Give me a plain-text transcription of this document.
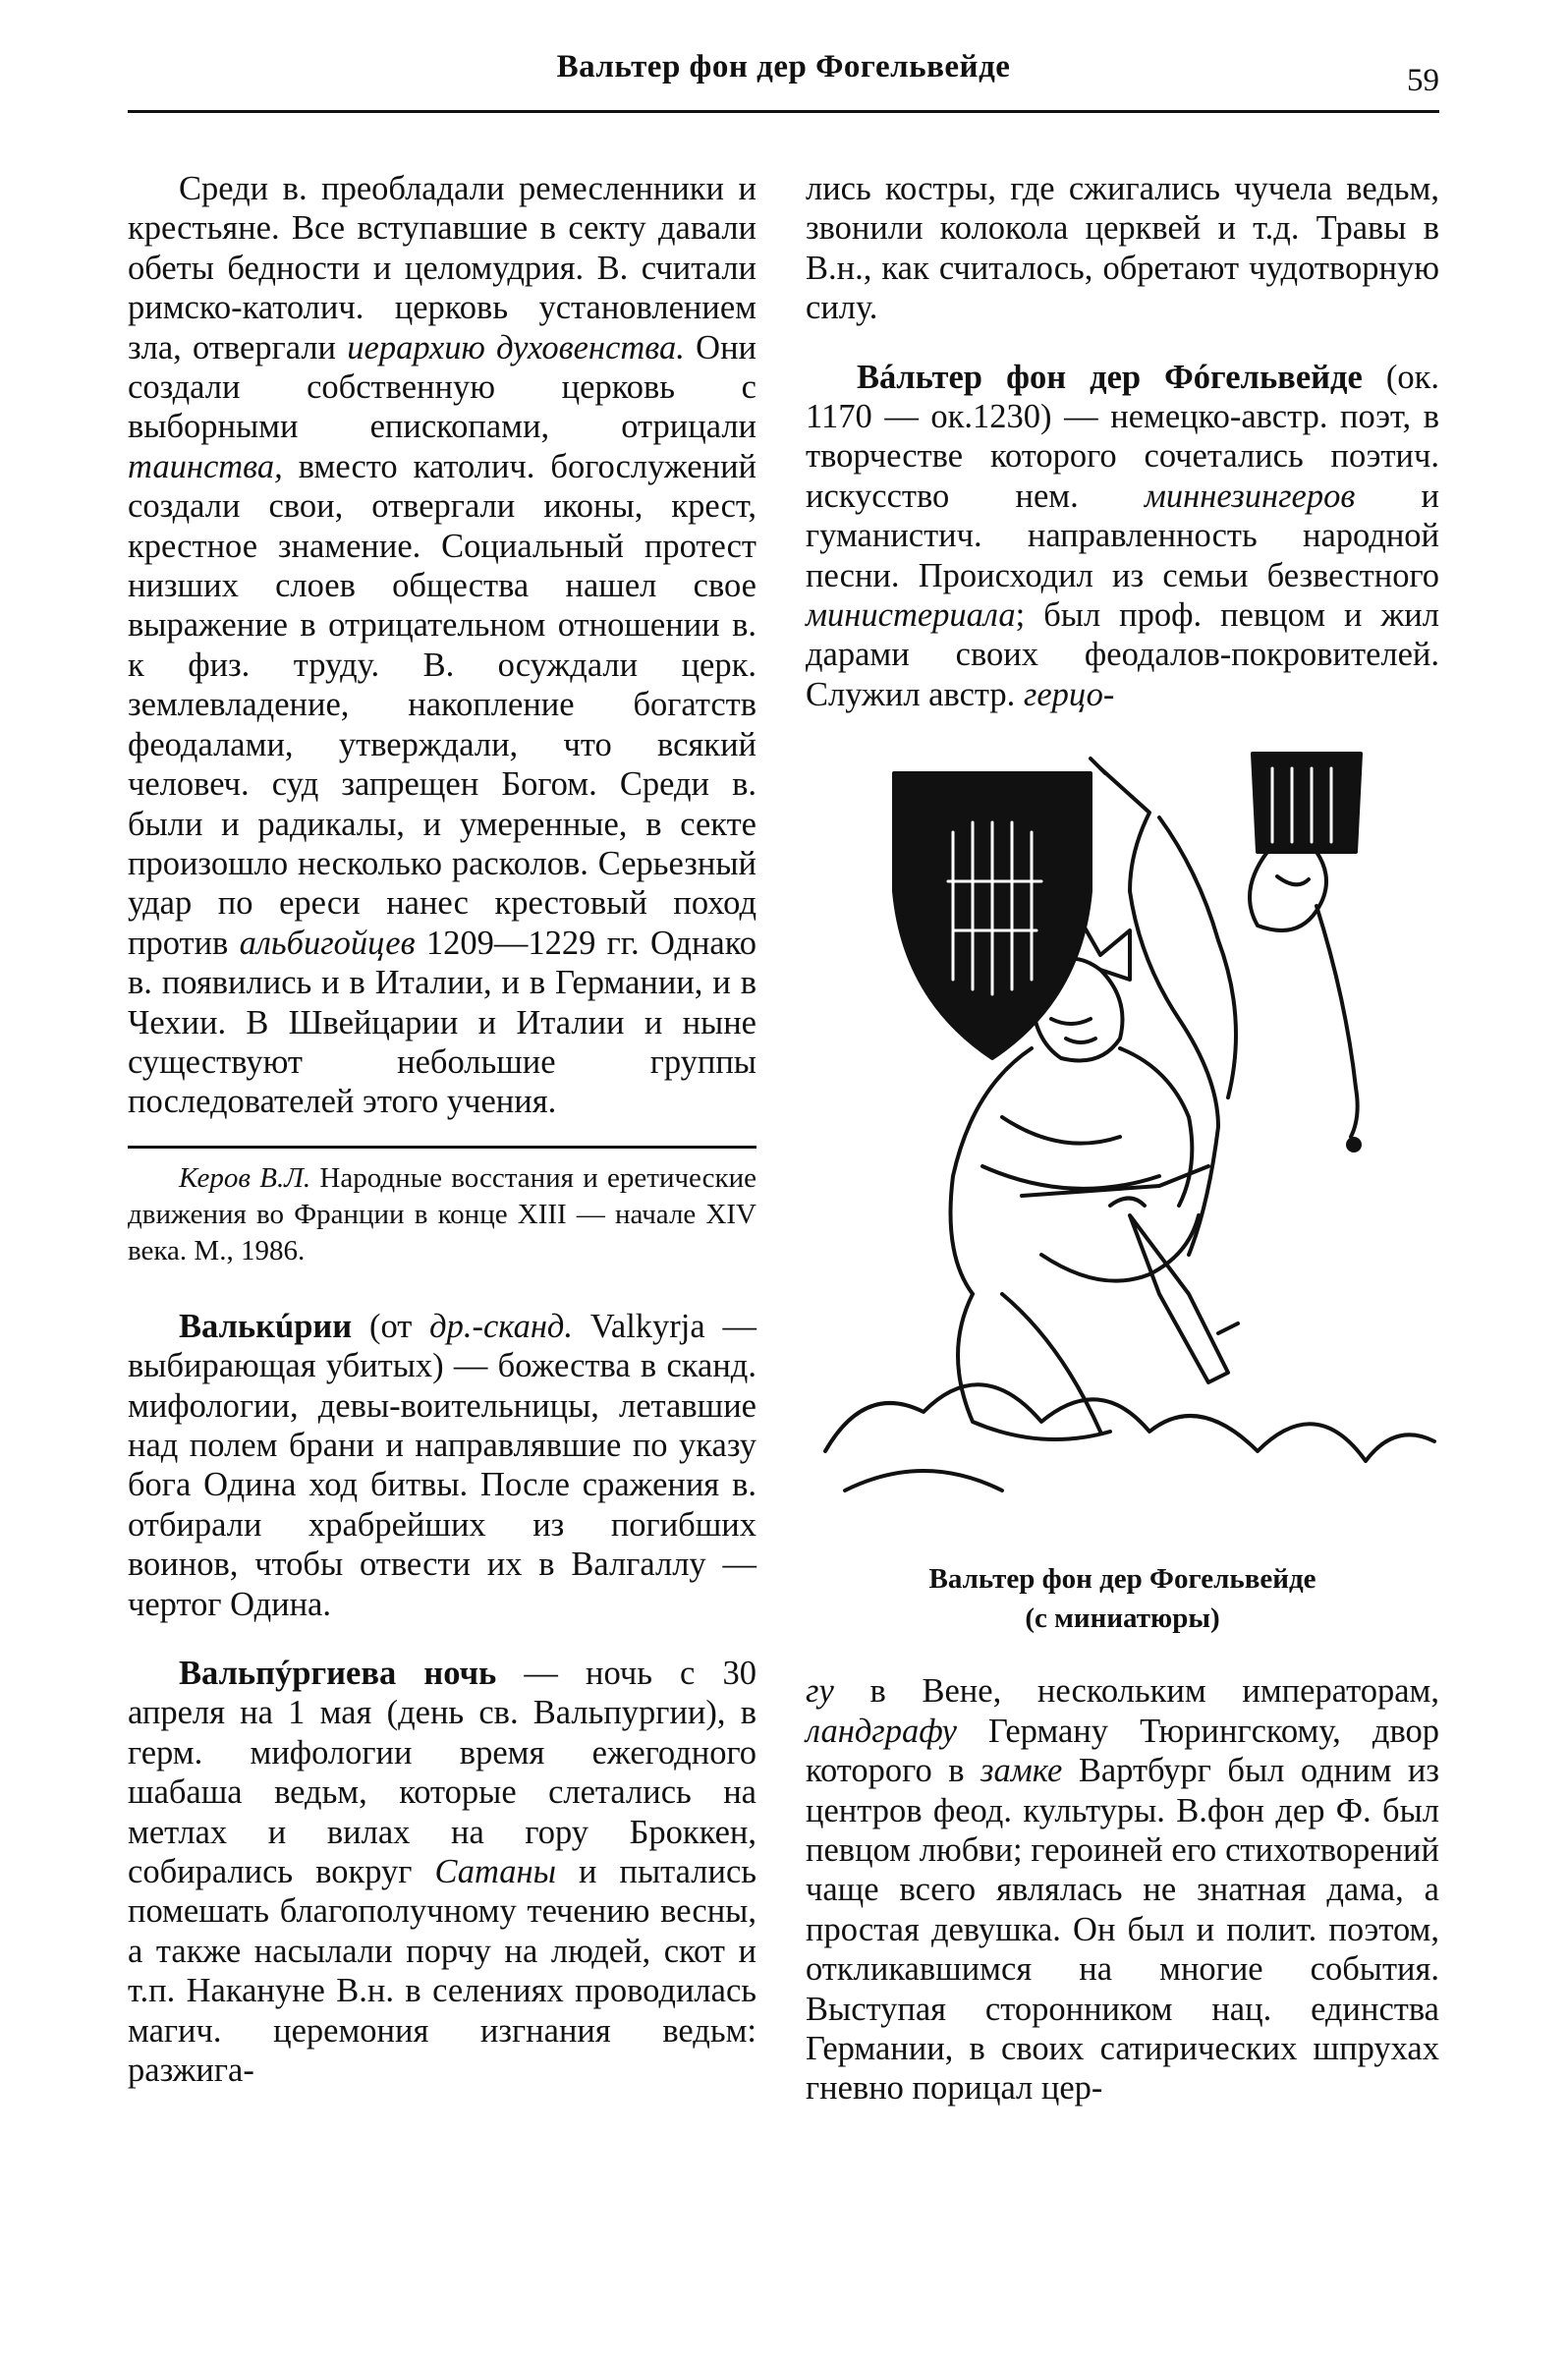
Вальтер фон дер Фогельвейде	59

Среди в. преобладали ремесленники и крестьяне. Все вступавшие в секту давали обеты бедности и целомудрия. В. считали римско-католич. церковь установлением зла, отвергали иерархию духовенства. Они создали собственную церковь с выборными епископами, отрицали таинства, вместо католич. богослужений создали свои, отвергали иконы, крест, крестное знамение. Социальный протест низших слоев общества нашел свое выражение в отрицательном отношении в. к физ. труду. В. осуждали церк. землевладение, накопление богатств феодалами, утверждали, что всякий человеч. суд запрещен Богом. Среди в. были и радикалы, и умеренные, в секте произошло несколько расколов. Серьезный удар по ереси нанес крестовый поход против альбигойцев 1209—1229 гг. Однако в. появились и в Италии, и в Германии, и в Чехии. В Швейцарии и Италии и ныне существуют небольшие группы последователей этого учения.

Керов В.Л. Народные восстания и еретические движения во Франции в конце XIII — начале XIV века. М., 1986.

Валькúрии (от др.-сканд. Valkyrja — выбирающая убитых) — божества в сканд. мифологии, девы-воительницы, летавшие над полем брани и направлявшие по указу бога Одина ход битвы. После сражения в. отбирали храбрейших из погибших воинов, чтобы отвести их в Валгаллу — чертог Одина.

Вальпýргиева ночь — ночь с 30 апреля на 1 мая (день св. Вальпургии), в герм. мифологии время ежегодного шабаша ведьм, которые слетались на метлах и вилах на гору Броккен, собирались вокруг Сатаны и пытались помешать благополучному течению весны, а также насылали порчу на людей, скот и т.п. Накануне В.н. в селениях проводилась магич. церемония изгнания ведьм: разжига-

лись костры, где сжигались чучела ведьм, звонили колокола церквей и т.д. Травы в В.н., как считалось, обретают чудотворную силу.

Вáльтер фон дер Фóгельвейде (ок. 1170 — ок.1230) — немецко-австр. поэт, в творчестве которого сочетались поэтич. искусство нем. миннезингеров и гуманистич. направленность народной песни. Происходил из семьи безвестного министериала; был проф. певцом и жил дарами своих феодалов-покровителей. Служил австр. герцо-

Вальтер фон дер Фогельвейде
(с миниатюры)

гу в Вене, нескольким императорам, ландграфу Герману Тюрингскому, двор которого в замке Вартбург был одним из центров феод. культуры. В.фон дер Ф. был певцом любви; героиней его стихотворений чаще всего являлась не знатная дама, а простая девушка. Он был и полит. поэтом, откликавшимся на многие события. Выступая сторонником нац. единства Германии, в своих сатирических шпрухах гневно порицал цер-
